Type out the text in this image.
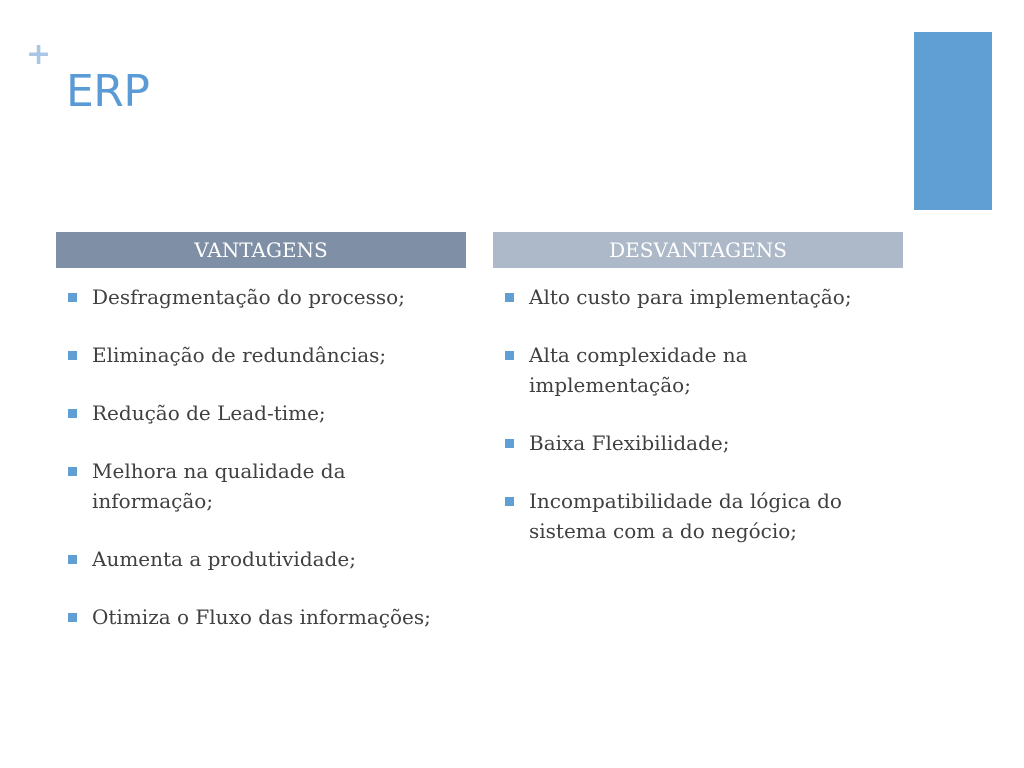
+
ERP
VANTAGENS	DESVANTAGENS
Desfragmentação do processo;
Eliminação de redundâncias;
Redução de Lead-time;
Melhora na qualidade da informação;
Aumenta a produtividade;
Otimiza o Fluxo das informações;
Alto custo para implementação;
Alta complexidade na implementação;
Baixa Flexibilidade;
Incompatibilidade da lógica do sistema com a do negócio;
